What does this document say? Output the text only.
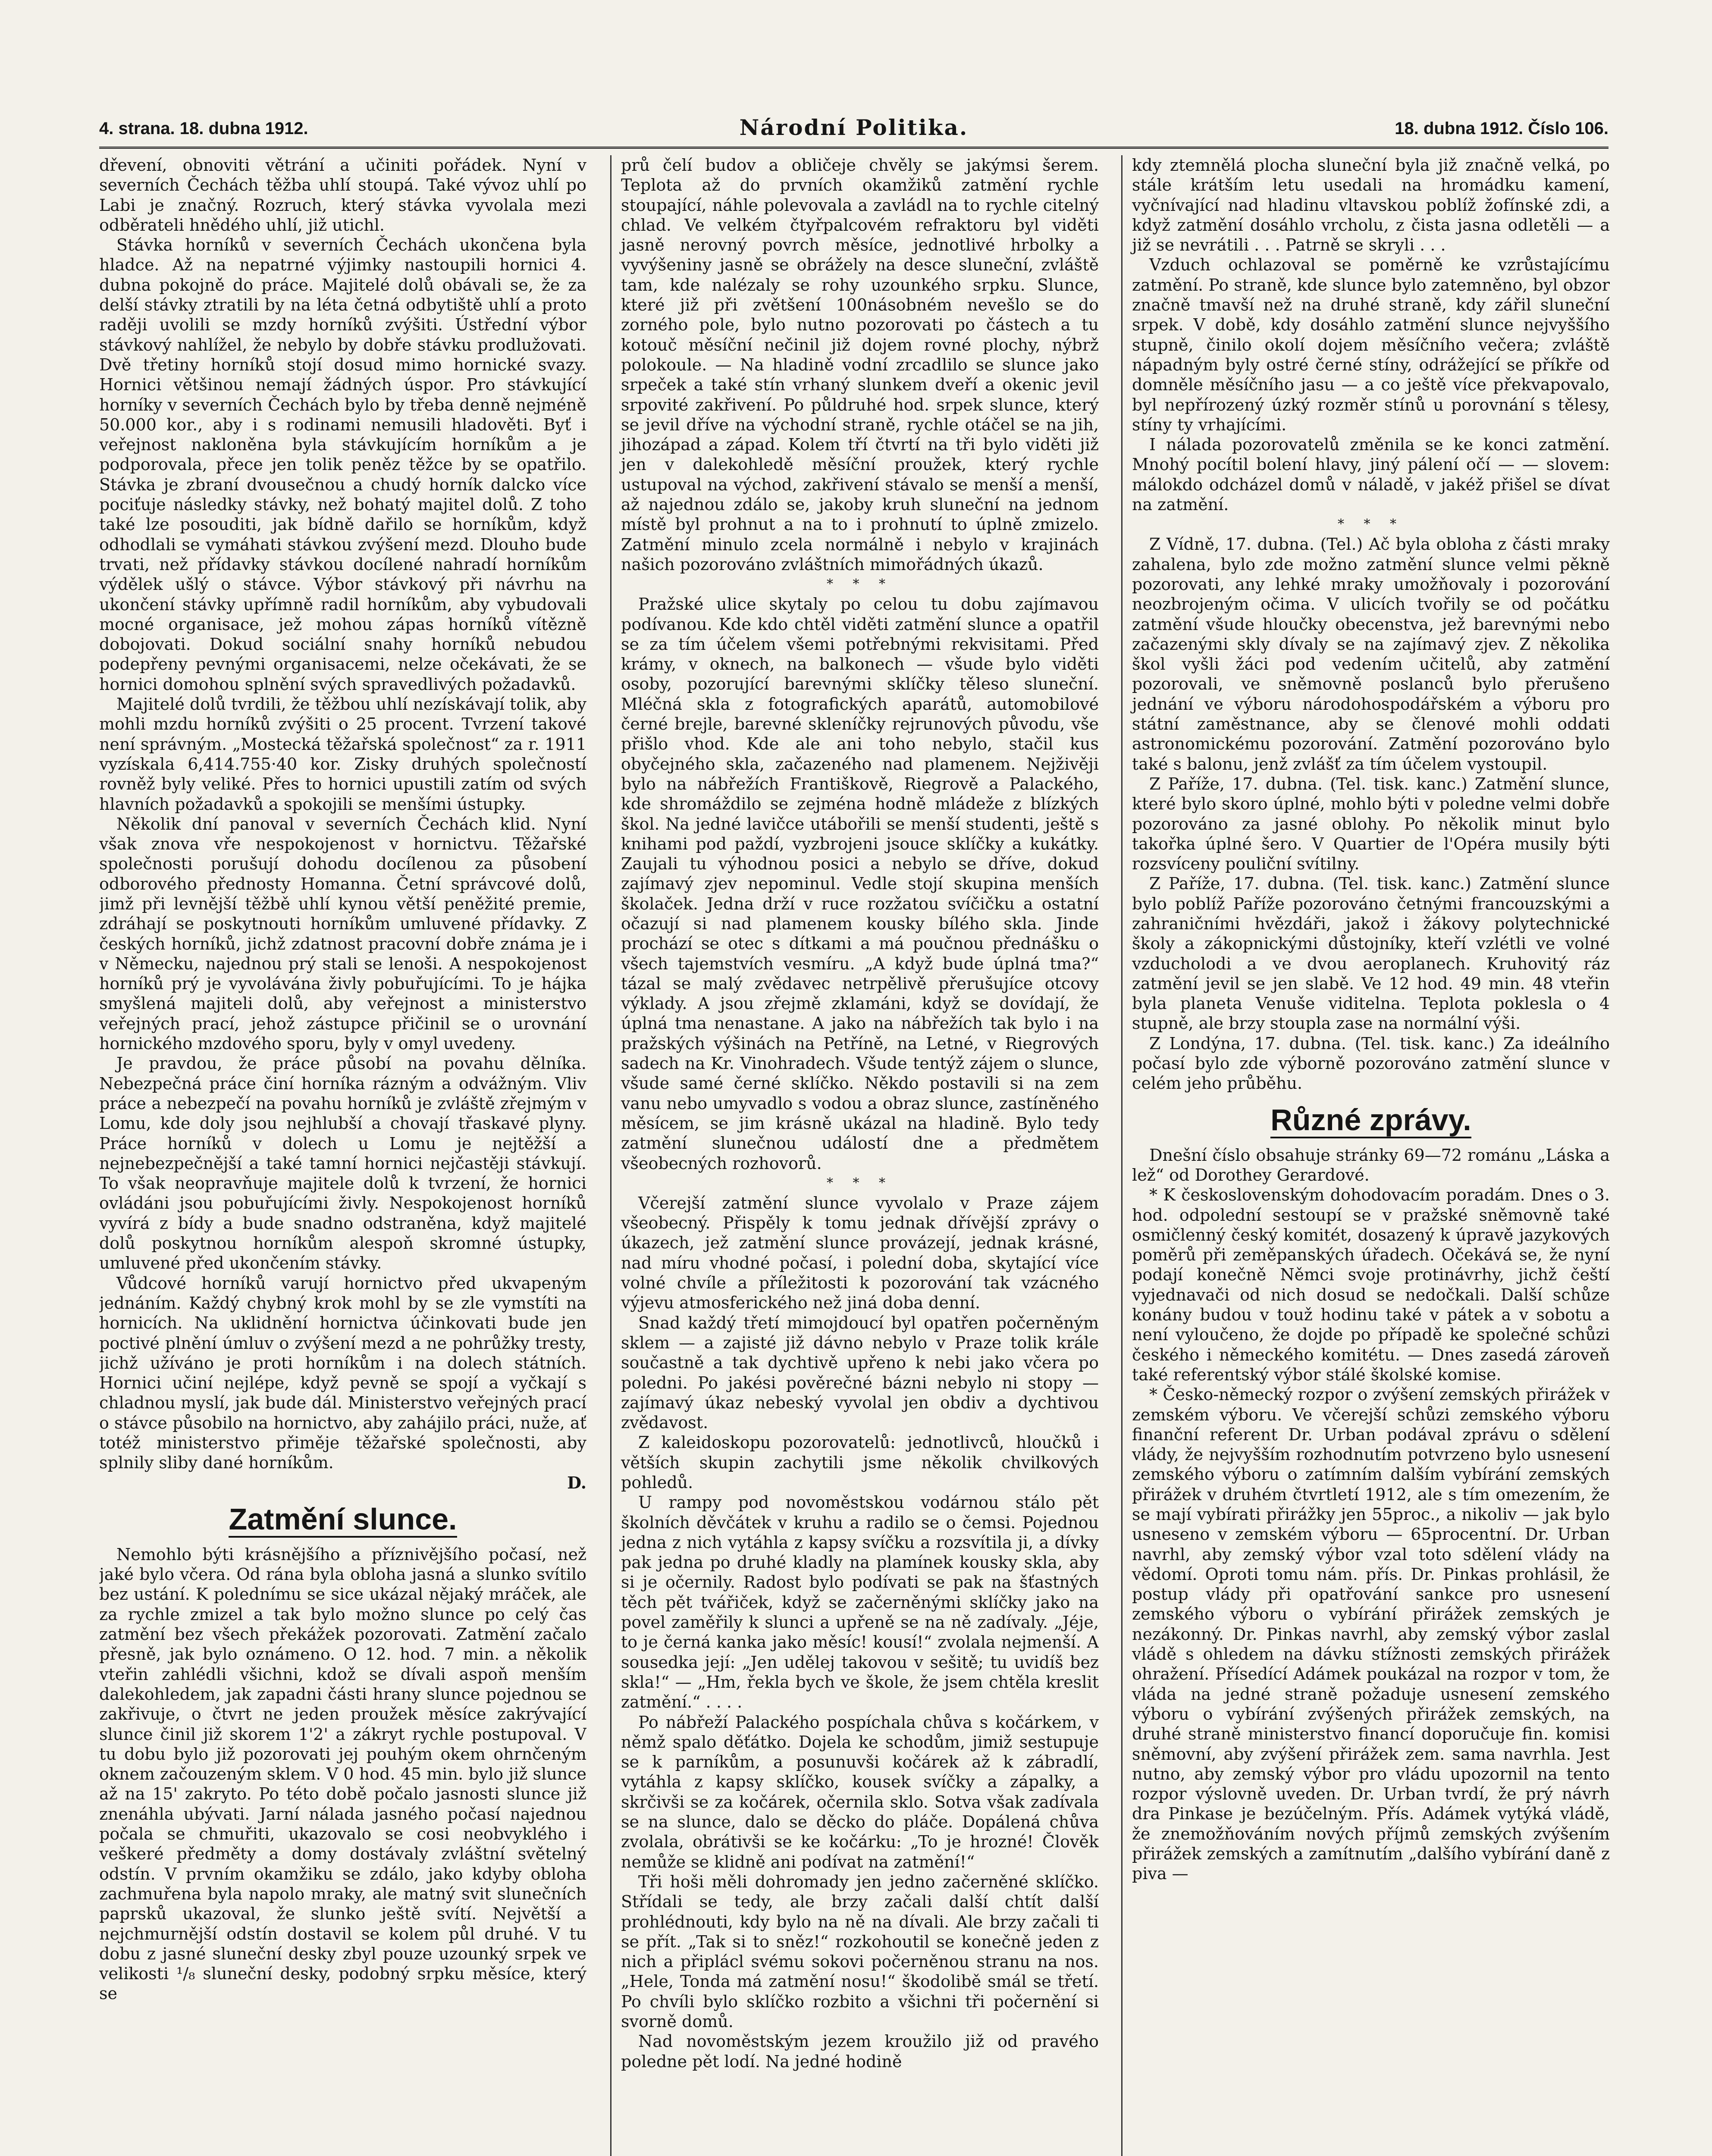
4. strana. 18. dubna 1912.	Národní Politika.	18. dubna 1912. Číslo 106.

dřevení, obnoviti větrání a učiniti pořádek. Nyní v severních Čechách těžba uhlí stoupá. Také vývoz uhlí po Labi je značný. Rozruch, který stávka vyvolala mezi odběrateli hnědého uhlí, již utichl.

Stávka horníků v severních Čechách ukončena byla hladce. Až na nepatrné výjimky nastoupili hornici 4. dubna pokojně do práce. Majitelé dolů obávali se, že za delší stávky ztratili by na léta četná odbytiště uhlí a proto raději uvolili se mzdy horníků zvýšiti. Ústřední výbor stávkový nahlížel, že nebylo by dobře stávku prodlužovati. Dvě třetiny horníků stojí dosud mimo hornické svazy. Hornici většinou nemají žádných úspor. Pro stávkující horníky v severních Čechách bylo by třeba denně nejméně 50.000 kor., aby i s rodinami nemusili hladověti. Byť i veřejnost nakloněna byla stávkujícím horníkům a je podporovala, přece jen tolik peněz těžce by se opatřilo. Stávka je zbraní dvousečnou a chudý horník dalcko více pociťuje následky stávky, než bohatý majitel dolů. Z toho také lze posouditi, jak bídně dařilo se horníkům, když odhodlali se vymáhati stávkou zvýšení mezd. Dlouho bude trvati, než přídavky stávkou docílené nahradí horníkům výdělek ušlý o stávce. Výbor stávkový při návrhu na ukončení stávky upřímně radil horníkům, aby vybudovali mocné organisace, jež mohou zápas horníků vítězně dobojovati. Dokud sociální snahy horníků nebudou podepřeny pevnými organisacemi, nelze očekávati, že se hornici domohou splnění svých spravedlivých požadavků.

Majitelé dolů tvrdili, že těžbou uhlí nezískávají tolik, aby mohli mzdu horníků zvýšiti o 25 procent. Tvrzení takové není správným. „Mostecká těžařská společnost“ za r. 1911 vyzískala 6,414.755·40 kor. Zisky druhých společností rovněž byly veliké. Přes to hornici upustili zatím od svých hlavních požadavků a spokojili se menšími ústupky.

Několik dní panoval v severních Čechách klid. Nyní však znova vře nespokojenost v hornictvu. Těžařské společnosti porušují dohodu docílenou za působení odborového přednosty Homanna. Četní správcové dolů, jimž při levnější těžbě uhlí kynou větší peněžité premie, zdráhají se poskytnouti horníkům umluvené přídavky. Z českých horníků, jichž zdatnost pracovní dobře známa je i v Německu, najednou prý stali se lenoši. A nespokojenost horníků prý je vyvolávána živly pobuřujícími. To je hájka smyšlená majiteli dolů, aby veřejnost a ministerstvo veřejných prací, jehož zástupce přičinil se o urovnání hornického mzdového sporu, byly v omyl uvedeny.

Je pravdou, že práce působí na povahu dělníka. Nebezpečná práce činí horníka rázným a odvážným. Vliv práce a nebezpečí na povahu horníků je zvláště zřejmým v Lomu, kde doly jsou nejhlubší a chovají třaskavé plyny. Práce horníků v dolech u Lomu je nejtěžší a nejnebezpečnější a také tamní hornici nejčastěji stávkují. To však neopravňuje majitele dolů k tvrzení, že hornici ovládáni jsou pobuřujícími živly. Nespokojenost horníků vyvírá z bídy a bude snadno odstraněna, když majitelé dolů poskytnou horníkům alespoň skromné ústupky, umluvené před ukončením stávky.

Vůdcové horníků varují hornictvo před ukvapeným jednáním. Každý chybný krok mohl by se zle vymstíti na hornicích. Na uklidnění hornictva účinkovati bude jen poctivé plnění úmluv o zvýšení mezd a ne pohrůžky tresty, jichž užíváno je proti horníkům i na dolech státních. Hornici učiní nejlépe, když pevně se spojí a vyčkají s chladnou myslí, jak bude dál. Ministerstvo veřejných prací o stávce působilo na hornictvo, aby zahájilo práci, nuže, ať totéž ministerstvo přiměje těžařské společnosti, aby splnily sliby dané horníkům.

D.

Zatmění slunce.

Nemohlo býti krásnějšího a příznivějšího počasí, než jaké bylo včera. Od rána byla obloha jasná a slunko svítilo bez ustání. K polednímu se sice ukázal nějaký mráček, ale za rychle zmizel a tak bylo možno slunce po celý čas zatmění bez všech překážek pozorovati. Zatmění začalo přesně, jak bylo oznámeno. O 12. hod. 7 min. a několik vteřin zahlédli všichni, kdož se dívali aspoň menším dalekohledem, jak zapadni části hrany slunce pojednou se zakřivuje, o čtvrt ne jeden proužek měsíce zakrývající slunce činil již skorem 1'2' a zákryt rychle postupoval. V tu dobu bylo již pozorovati jej pouhým okem ohrnčeným oknem začouzeným sklem. V 0 hod. 45 min. bylo již slunce až na 15' zakryto. Po této době počalo jasnosti slunce již znenáhla ubývati. Jarní nálada jasného počasí najednou počala se chmuřiti, ukazovalo se cosi neobvyklého i veškeré předměty a domy dostávaly zvláštní světelný odstín. V prvním okamžiku se zdálo, jako kdyby obloha zachmuřena byla napolo mraky, ale matný svit slunečních paprsků ukazoval, že slunko ještě svítí. Největší a nejchmurnější odstín dostavil se kolem půl druhé. V tu dobu z jasné sluneční desky zbyl pouze uzounký srpek ve velikosti ¹/₈ sluneční desky, podobný srpku měsíce, který se

prů čelí budov a obličeje chvěly se jakýmsi šerem. Teplota až do prvních okamžiků zatmění rychle stoupající, náhle polevovala a zavládl na to rychle citelný chlad. Ve velkém čtyřpalcovém refraktoru byl viděti jasně nerovný povrch měsíce, jednotlivé hrbolky a vyvýšeniny jasně se obrážely na desce sluneční, zvláště tam, kde nalézaly se rohy uzounkého srpku. Slunce, které již při zvětšení 100násobném nevešlo se do zorného pole, bylo nutno pozorovati po částech a tu kotouč měsíční nečinil již dojem rovné plochy, nýbrž polokoule. — Na hladině vodní zrcadlilo se slunce jako srpeček a také stín vrhaný slunkem dveří a okenic jevil srpovité zakřivení. Po půldruhé hod. srpek slunce, který se jevil dříve na východní straně, rychle otáčel se na jih, jihozápad a západ. Kolem tří čtvrtí na tři bylo viděti již jen v dalekohledě měsíční proužek, který rychle ustupoval na východ, zakřivení stávalo se menší a menší, až najednou zdálo se, jakoby kruh sluneční na jednom místě byl prohnut a na to i prohnutí to úplně zmizelo. Zatmění minulo zcela normálně i nebylo v krajinách našich pozorováno zvláštních mimořádných úkazů.

* * *

Pražské ulice skytaly po celou tu dobu zajímavou podívanou. Kde kdo chtěl viděti zatmění slunce a opatřil se za tím účelem všemi potřebnými rekvisitami. Před krámy, v oknech, na balkonech — všude bylo viděti osoby, pozorující barevnými sklíčky těleso sluneční. Mléčná skla z fotografických aparátů, automobilové černé brejle, barevné skleníčky rejrunových původu, vše přišlo vhod. Kde ale ani toho nebylo, stačil kus obyčejného skla, začazeného nad plamenem. Nejživěji bylo na nábřežích Františkově, Riegrově a Palackého, kde shromáždilo se zejména hodně mládeže z blízkých škol. Na jedné lavičce utábořili se menší studenti, ještě s knihami pod paždí, vyzbrojeni jsouce sklíčky a kukátky. Zaujali tu výhodnou posici a nebylo se dříve, dokud zajímavý zjev nepominul. Vedle stojí skupina menších školaček. Jedna drží v ruce rozžatou svíčičku a ostatní očazují si nad plamenem kousky bílého skla. Jinde prochází se otec s dítkami a má poučnou přednášku o všech tajemstvích vesmíru. „A když bude úplná tma?“ tázal se malý zvědavec netrpělivě přerušujíce otcovy výklady. A jsou zřejmě zklamáni, když se dovídají, že úplná tma nenastane. A jako na nábřežích tak bylo i na pražských výšinách na Petříně, na Letné, v Riegrových sadech na Kr. Vinohradech. Všude tentýž zájem o slunce, všude samé černé sklíčko. Někdo postavili si na zem vanu nebo umyvadlo s vodou a obraz slunce, zastíněného měsícem, se jim krásně ukázal na hladině. Bylo tedy zatmění slunečnou událostí dne a předmětem všeobecných rozhovorů.

* * *

Včerejší zatmění slunce vyvolalo v Praze zájem všeobecný. Přispěly k tomu jednak dřívější zprávy o úkazech, jež zatmění slunce provázejí, jednak krásné, nad míru vhodné počasí, i polední doba, skytající více volné chvíle a příležitosti k pozorování tak vzácného výjevu atmosferického než jiná doba denní.

Snad každý třetí mimojdoucí byl opatřen počerněným sklem — a zajisté již dávno nebylo v Praze tolik krále součastně a tak dychtivě upřeno k nebi jako včera po poledni. Po jakési pověrečné bázni nebylo ni stopy — zajímavý úkaz nebeský vyvolal jen obdiv a dychtivou zvědavost.

Z kaleidoskopu pozorovatelů: jednotlivců, hloučků i větších skupin zachytili jsme několik chvilkových pohledů.

U rampy pod novoměstskou vodárnou stálo pět školních děvčátek v kruhu a radilo se o čemsi. Pojednou jedna z nich vytáhla z kapsy svíčku a rozsvítila ji, a dívky pak jedna po druhé kladly na plamínek kousky skla, aby si je očernily. Radost bylo podívati se pak na šťastných těch pět tvářiček, když se začerněnými sklíčky jako na povel zaměřily k slunci a upřeně se na ně zadívaly. „Jéje, to je černá kanka jako měsíc! kousí!“ zvolala nejmenší. A sousedka její: „Jen udělej takovou v sešitě; tu uvidíš bez skla!“ — „Hm, řekla bych ve škole, že jsem chtěla kreslit zatmění.“ . . . .

Po nábřeží Palackého pospíchala chůva s kočárkem, v němž spalo děťátko. Dojela ke schodům, jimiž sestupuje se k parníkům, a posunuvši kočárek až k zábradlí, vytáhla z kapsy sklíčko, kousek svíčky a zápalky, a skrčivši se za kočárek, očernila sklo. Sotva však zadívala se na slunce, dalo se děcko do pláče. Dopálená chůva zvolala, obrátivši se ke kočárku: „To je hrozné! Člověk nemůže se klidně ani podívat na zatmění!“

Tři hoši měli dohromady jen jedno začerněné sklíčko. Střídali se tedy, ale brzy začali další chtít další prohlédnouti, kdy bylo na ně na dívali. Ale brzy začali ti se přít. „Tak si to sněz!“ rozkohoutil se konečně jeden z nich a připlácl svému sokovi počerněnou stranu na nos. „Hele, Tonda má zatmění nosu!“ škodolibě smál se třetí. Po chvíli bylo sklíčko rozbito a všichni tři počernění si svorně domů.

Nad novoměstským jezem kroužilo již od pravého poledne pět lodí. Na jedné hodině

kdy ztemnělá plocha sluneční byla již značně velká, po stále krátším letu usedali na hromádku kamení, vyčnívající nad hladinu vltavskou poblíž žofínské zdi, a když zatmění dosáhlo vrcholu, z čista jasna odletěli — a již se nevrátili . . . Patrně se skryli . . .

Vzduch ochlazoval se poměrně ke vzrůstajícímu zatmění. Po straně, kde slunce bylo zatemněno, byl obzor značně tmavší než na druhé straně, kdy zářil sluneční srpek. V době, kdy dosáhlo zatmění slunce nejvyššího stupně, činilo okolí dojem měsíčního večera; zvláště nápadným byly ostré černé stíny, odrážející se příkře od domněle měsíčního jasu — a co ještě více překvapovalo, byl nepřírozený úzký rozměr stínů u porovnání s tělesy, stíny ty vrhajícími.

I nálada pozorovatelů změnila se ke konci zatmění. Mnohý pocítil bolení hlavy, jiný pálení očí — — slovem: málokdo odcházel domů v náladě, v jakéž přišel se dívat na zatmění.

* * *

Z Vídně, 17. dubna. (Tel.) Ač byla obloha z části mraky zahalena, bylo zde možno zatmění slunce velmi pěkně pozorovati, any lehké mraky umožňovaly i pozorování neozbrojeným očima. V ulicích tvořily se od počátku zatmění všude hloučky obecenstva, jež barevnými nebo začazenými skly dívaly se na zajímavý zjev. Z několika škol vyšli žáci pod vedením učitelů, aby zatmění pozorovali, ve sněmovně poslanců bylo přerušeno jednání ve výboru národohospodářském a výboru pro státní zaměstnance, aby se členové mohli oddati astronomickému pozorování. Zatmění pozorováno bylo také s balonu, jenž zvlášť za tím účelem vystoupil.

Z Paříže, 17. dubna. (Tel. tisk. kanc.) Zatmění slunce, které bylo skoro úplné, mohlo býti v poledne velmi dobře pozorováno za jasné oblohy. Po několik minut bylo takořka úplné šero. V Quartier de l'Opéra musily býti rozsvíceny pouliční svítilny.

Z Paříže, 17. dubna. (Tel. tisk. kanc.) Zatmění slunce bylo poblíž Paříže pozorováno četnými francouzskými a zahraničními hvězdáři, jakož i žákovy polytechnické školy a zákopnickými důstojníky, kteří vzlétli ve volné vzducholodi a ve dvou aeroplanech. Kruhovitý ráz zatmění jevil se jen slabě. Ve 12 hod. 49 min. 48 vteřin byla planeta Venuše viditelna. Teplota poklesla o 4 stupně, ale brzy stoupla zase na normální výši.

Z Londýna, 17. dubna. (Tel. tisk. kanc.) Za ideálního počasí bylo zde výborně pozorováno zatmění slunce v celém jeho průběhu.

Různé zprávy.

Dnešní číslo obsahuje stránky 69—72 románu „Láska a lež“ od Dorothey Gerardové.

* K československým dohodovacím poradám. Dnes o 3. hod. odpolední sestoupí se v pražské sněmovně také osmičlenný český komitét, dosazený k úpravě jazykových poměrů při zeměpanských úřadech. Očekává se, že nyní podají konečně Němci svoje protinávrhy, jichž čeští vyjednavači od nich dosud se nedočkali. Další schůze konány budou v touž hodinu také v pátek a v sobotu a není vyloučeno, že dojde po případě ke společné schůzi českého i německého komitétu. — Dnes zasedá zároveň také referentský výbor stálé školské komise.

* Česko-německý rozpor o zvýšení zemských přirážek v zemském výboru. Ve včerejší schůzi zemského výboru finanční referent Dr. Urban podával zprávu o sdělení vlády, že nejvyšším rozhodnutím potvrzeno bylo usnesení zemského výboru o zatímním dalším vybírání zemských přirážek v druhém čtvrtletí 1912, ale s tím omezením, že se mají vybírati přirážky jen 55proc., a nikoliv — jak bylo usneseno v zemském výboru — 65procentní. Dr. Urban navrhl, aby zemský výbor vzal toto sdělení vlády na vědomí. Oproti tomu nám. přís. Dr. Pinkas prohlásil, že postup vlády při opatřování sankce pro usnesení zemského výboru o vybírání přirážek zemských je nezákonný. Dr. Pinkas navrhl, aby zemský výbor zaslal vládě s ohledem na dávku stížnosti zemských přirážek ohražení. Přísedící Adámek poukázal na rozpor v tom, že vláda na jedné straně požaduje usnesení zemského výboru o vybírání zvýšených přirážek zemských, na druhé straně ministerstvo financí doporučuje fin. komisi sněmovní, aby zvýšení přirážek zem. sama navrhla. Jest nutno, aby zemský výbor pro vládu upozornil na tento rozpor výslovně uveden. Dr. Urban tvrdí, že prý návrh dra Pinkase je bezúčelným. Přís. Adámek vytýká vládě, že znemožňováním nových příjmů zemských zvýšením přirážek zemských a zamítnutím „dalšího vybírání daně z piva —
